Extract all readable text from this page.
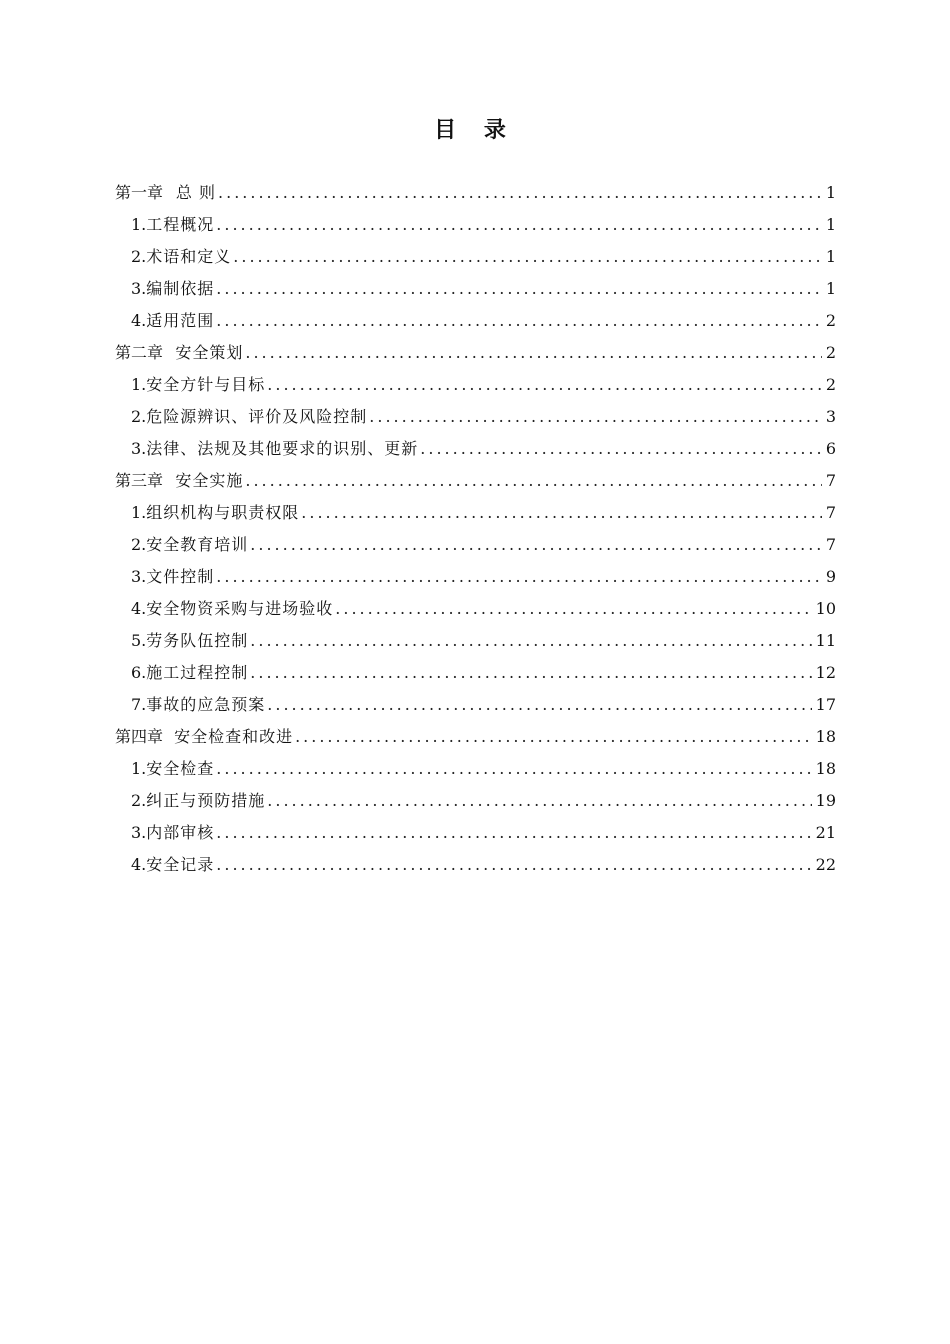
目 录
第一章 总 则 .....	1
1. 工程概况 .....	1
2. 术语和定义 .....	1
3. 编制依据 .....	1
4. 适用范围 .....	2
第二章 安全策划 .....	2
1. 安全方针与目标 .....	2
2. 危险源辨识、评价及风险控制 .....	3
3. 法律、法规及其他要求的识别、更新 .....	6
第三章 安全实施 .....	7
1. 组织机构与职责权限 .....	7
2. 安全教育培训 .....	7
3. 文件控制 .....	9
4. 安全物资采购与进场验收 .....	10
5. 劳务队伍控制 .....	11
6. 施工过程控制 .....	12
7. 事故的应急预案 .....	17
第四章 安全检查和改进 .....	18
1. 安全检查 .....	18
2. 纠正与预防措施 .....	19
3. 内部审核 .....	21
4. 安全记录 .....	22
